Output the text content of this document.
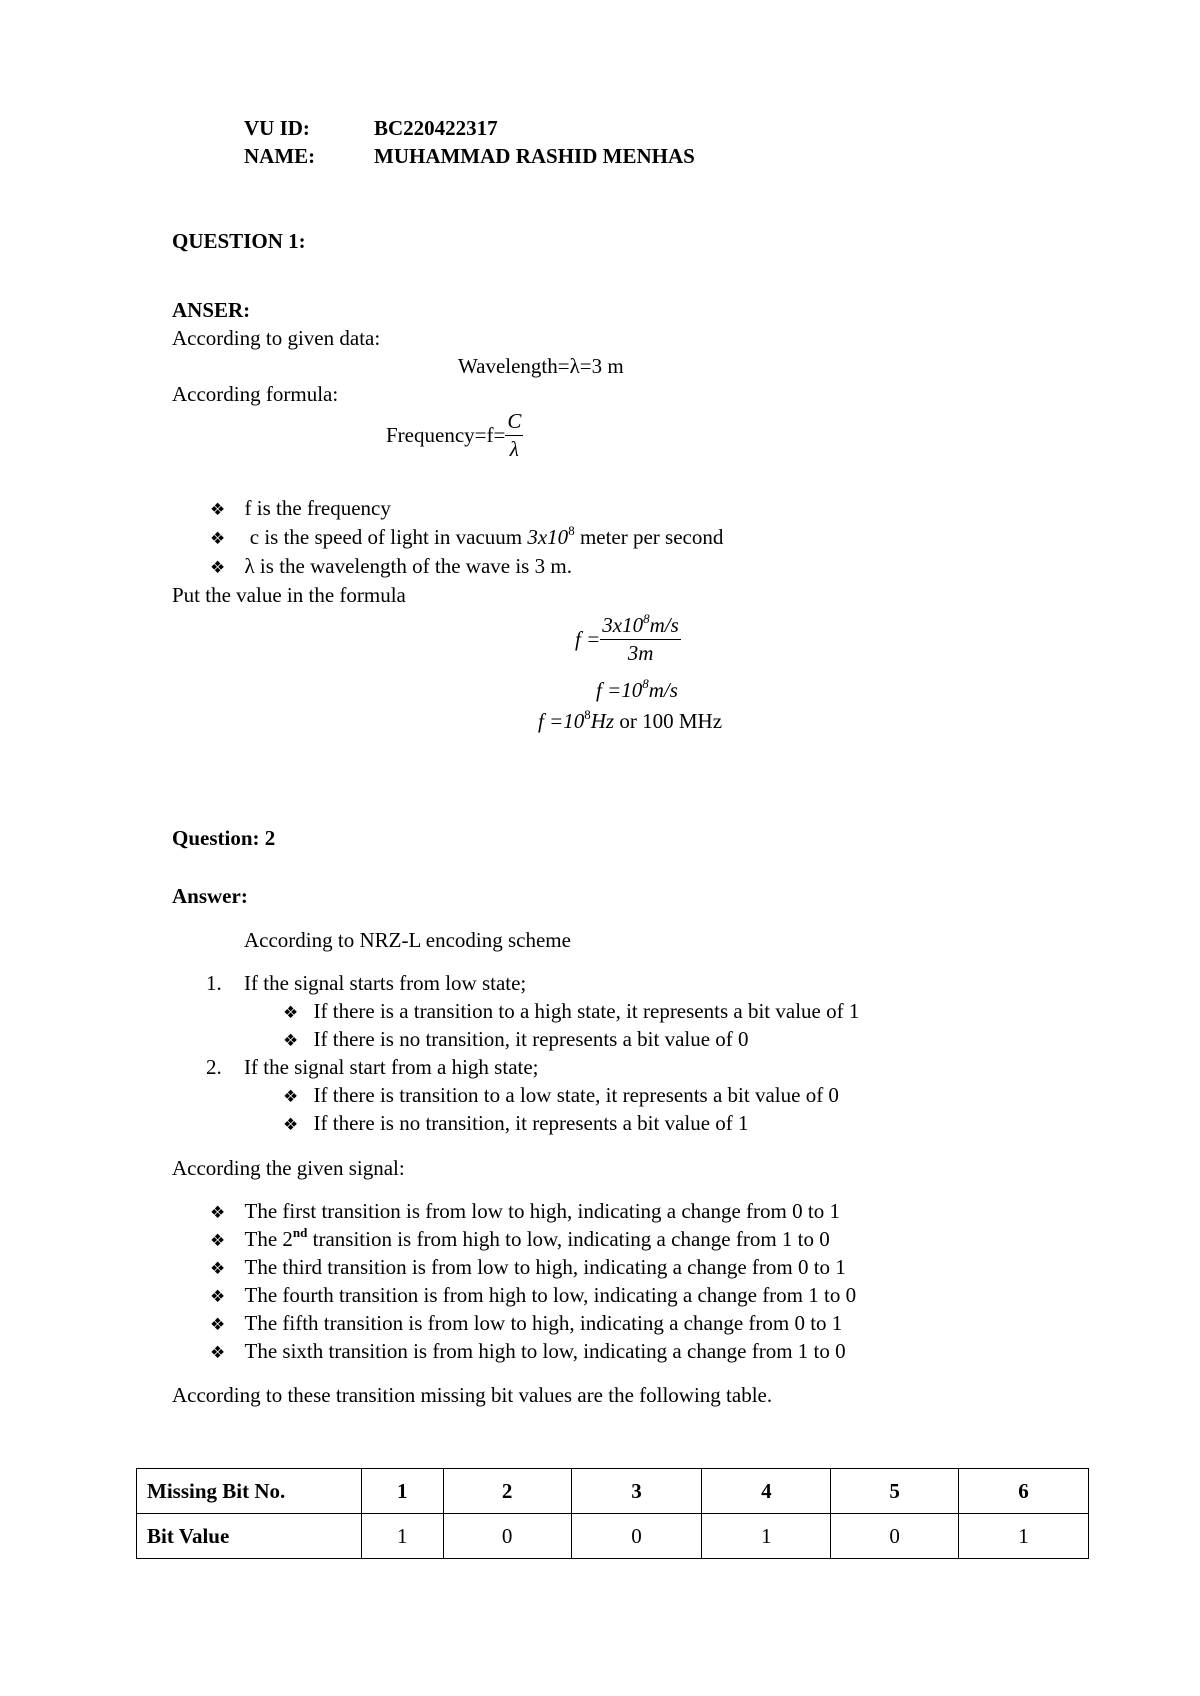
VU ID:	BC220422317
NAME:	MUHAMMAD RASHID MENHAS
QUESTION 1:
ANSER:
According to given data:
Wavelength=λ=3 m
According formula:
Frequency=f= $\frac{C}{\lambda}$
❖ f is the frequency
❖  c is the speed of light in vacuum $3x10^8$ meter per second
❖ λ is the wavelength of the wave is 3 m.
Put the value in the formula
$f = \frac{3x10^8m/s}{3m}$
$f =10^8m/s$
$f =10^8Hz$ or 100 MHz
Question: 2
Answer:
According to NRZ-L encoding scheme
1. If the signal starts from low state;
❖ If there is a transition to a high state, it represents a bit value of 1
❖ If there is no transition, it represents a bit value of 0
2. If the signal start from a high state;
❖ If there is transition to a low state, it represents a bit value of 0
❖ If there is no transition, it represents a bit value of 1
According the given signal:
❖ The first transition is from low to high, indicating a change from 0 to 1
❖ The 2nd transition is from high to low, indicating a change from 1 to 0
❖ The third transition is from low to high, indicating a change from 0 to 1
❖ The fourth transition is from high to low, indicating a change from 1 to 0
❖ The fifth transition is from low to high, indicating a change from 0 to 1
❖ The sixth transition is from high to low, indicating a change from 1 to 0
According to these transition missing bit values are the following table.
Missing Bit No.	1	2	3	4	5	6
Bit Value	1	0	0	1	0	1
